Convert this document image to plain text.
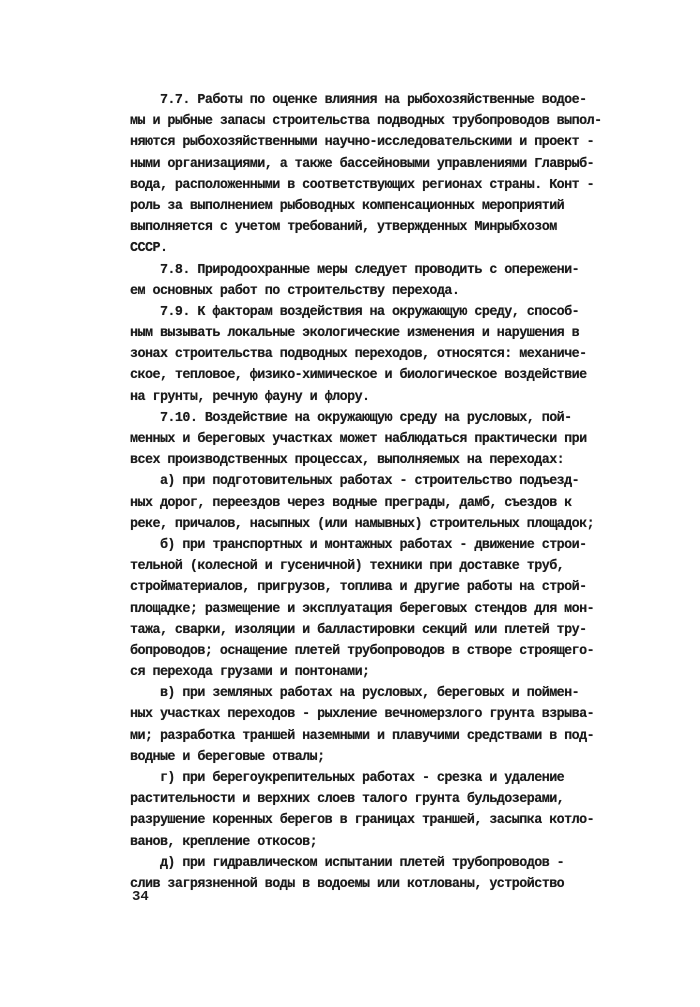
7.7. Работы по оценке влияния на рыбохозяйственные водое-
мы и рыбные запасы строительства подводных трубопроводов выпол-
няются рыбохозяйственными научно-исследовательскими и проект -
ными организациями, а также бассейновыми управлениями Главрыб-
вода, расположенными в соответствующих регионах страны. Конт -
роль за выполнением рыбоводных компенсационных мероприятий
выполняется с учетом требований, утвержденных Минрыбхозом
СССР.
7.8. Природоохранные меры следует проводить с опережени-
ем основных работ по строительству перехода.
7.9. К факторам воздействия на окружающую среду, способ-
ным вызывать локальные экологические изменения и нарушения в
зонах строительства подводных переходов, относятся: механиче-
ское, тепловое, физико-химическое и биологическое воздействие
на грунты, речную фауну и флору.
7.10. Воздействие на окружающую среду на русловых, пой-
менных и береговых участках может наблюдаться практически при
всех производственных процессах, выполняемых на переходах:
а) при подготовительных работах - строительство подъезд-
ных дорог, переездов через водные преграды, дамб, съездов к
реке, причалов, насыпных (или намывных) строительных площадок;
б) при транспортных и монтажных работах - движение строи-
тельной (колесной и гусеничной) техники при доставке труб,
стройматериалов, пригрузов, топлива и другие работы на строй-
площадке; размещение и эксплуатация береговых стендов для мон-
тажа, сварки, изоляции и балластировки секций или плетей тру-
бопроводов; оснащение плетей трубопроводов в створе строящего-
ся перехода грузами и понтонами;
в) при земляных работах на русловых, береговых и поймен-
ных участках переходов - рыхление вечномерзлого грунта взрыва-
ми; разработка траншей наземными и плавучими средствами в под-
водные и береговые отвалы;
г) при берегоукрепительных работах - срезка и удаление
растительности и верхних слоев талого грунта бульдозерами,
разрушение коренных берегов в границах траншей, засыпка котло-
ванов, крепление откосов;
д) при гидравлическом испытании плетей трубопроводов -
слив загрязненной воды в водоемы или котлованы, устройство
34
